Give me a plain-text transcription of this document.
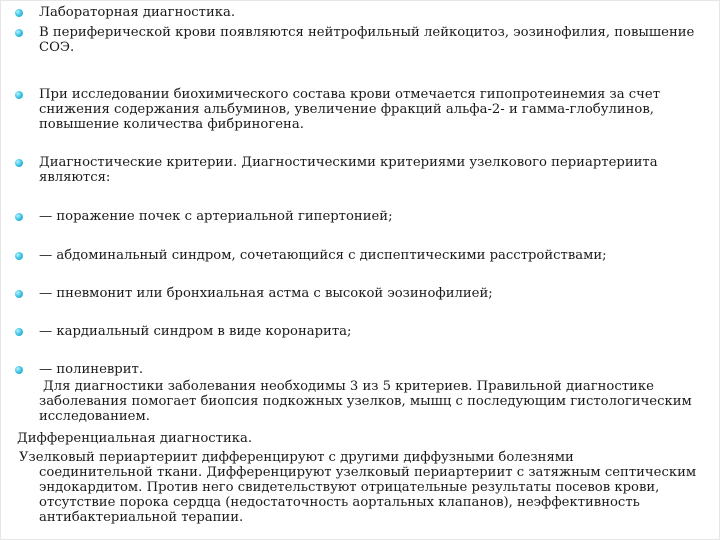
Лабораторная диагностика.
В периферической крови появляются нейтрофильный лейкоцитоз, эозинофилия, повышение СОЭ.
При исследовании биохимического состава крови отмечается гипопротеинемия за счет снижения содержания альбуминов, увеличение фракций альфа-2- и гамма-глобулинов, повышение количества фибриногена.
Диагностические критерии. Диагностическими критериями узелкового периартериита являются:
— поражение почек с артериальной гипертонией;
— абдоминальный синдром, сочетающийся с диспептическими расстройствами;
— пневмонит или бронхиальная астма с высокой эозинофилией;
— кардиальный синдром в виде коронарита;
— полиневрит.
Для диагностики заболевания необходимы 3 из 5 критериев. Правильной диагностике заболевания помогает биопсия подкожных узелков, мышц с последующим гистологическим исследованием.
Дифференциальная диагностика.
Узелковый периартериит дифференцируют с другими диффузными болезнями
соединительной ткани. Дифференцируют узелковый периартериит с затяжным септическим эндокардитом. Против него свидетельствуют отрицательные результаты посевов крови, отсутствие порока сердца (недостаточность аортальных клапанов), неэффективность антибактериальной терапии.
